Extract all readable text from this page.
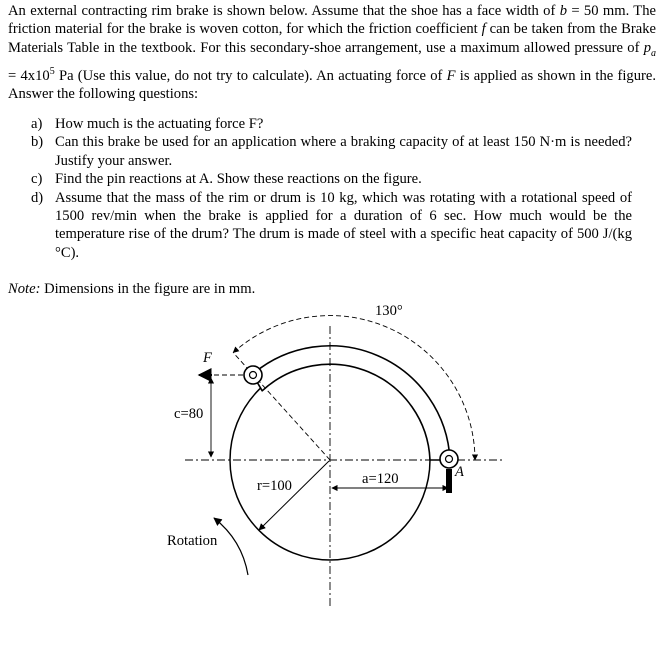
An external contracting rim brake is shown below. Assume that the shoe has a face width of b = 50 mm. The friction material for the brake is woven cotton, for which the friction coefficient f can be taken from the Brake Materials Table in the textbook. For this secondary-shoe arrangement, use a maximum allowed pressure of $p_a = 4x10^5$ Pa (Use this value, do not try to calculate). An actuating force of F is applied as shown in the figure. Answer the following questions:

a) How much is the actuating force F?
b) Can this brake be used for an application where a braking capacity of at least 150 N·m is needed? Justify your answer.
c) Find the pin reactions at A. Show these reactions on the figure.
d) Assume that the mass of the rim or drum is 10 kg, which was rotating with a rotational speed of 1500 rev/min when the brake is applied for a duration of 6 sec. How much would be the temperature rise of the drum? The drum is made of steel with a specific heat capacity of 500 J/(kg °C).

Note: Dimensions in the figure are in mm.

130°
F
c=80
r=100	a=120	A
Rotation
